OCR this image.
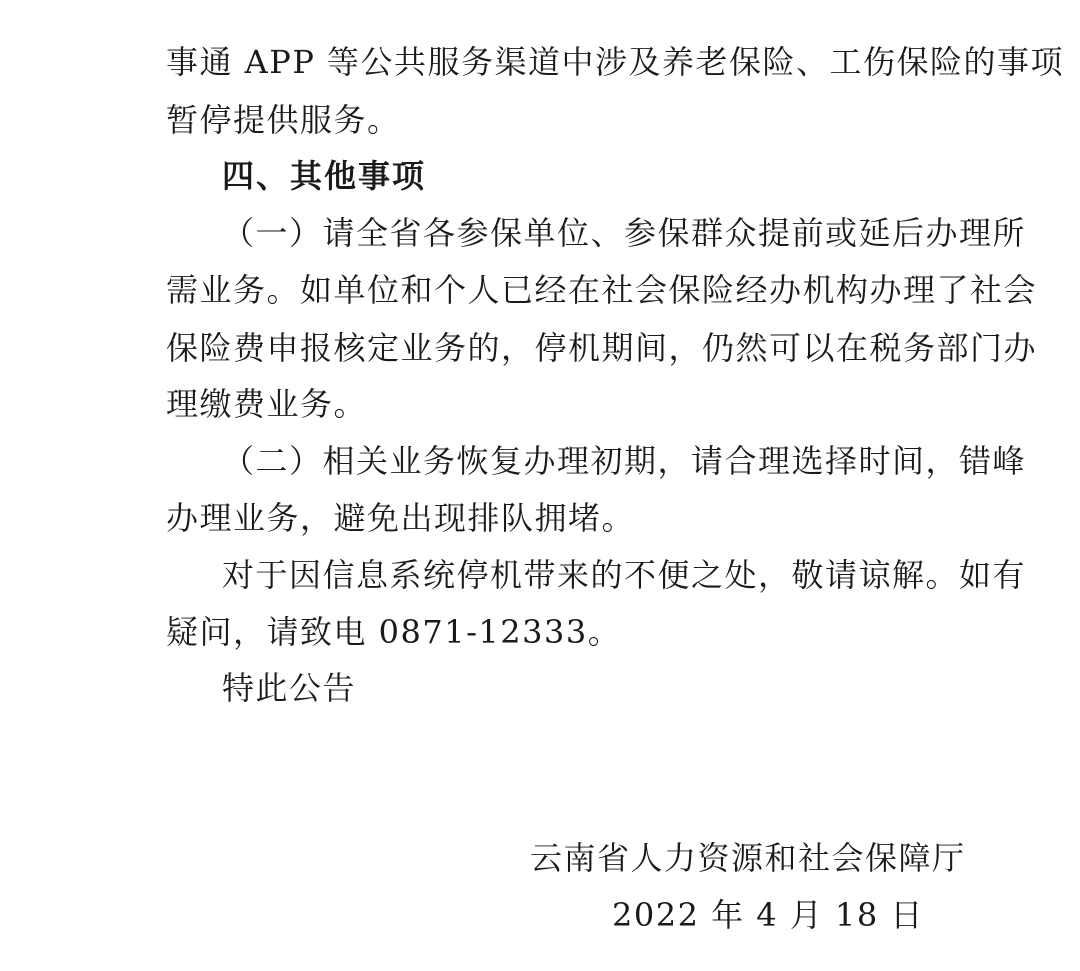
事通 APP 等公共服务渠道中涉及养老保险、工伤保险的事项
暂停提供服务。
四、其他事项
（一）请全省各参保单位、参保群众提前或延后办理所
需业务。如单位和个人已经在社会保险经办机构办理了社会
保险费申报核定业务的，停机期间，仍然可以在税务部门办
理缴费业务。
（二）相关业务恢复办理初期，请合理选择时间，错峰
办理业务，避免出现排队拥堵。
对于因信息系统停机带来的不便之处，敬请谅解。如有
疑问，请致电 0871-12333。
特此公告
云南省人力资源和社会保障厅
2022 年 4 月 18 日
